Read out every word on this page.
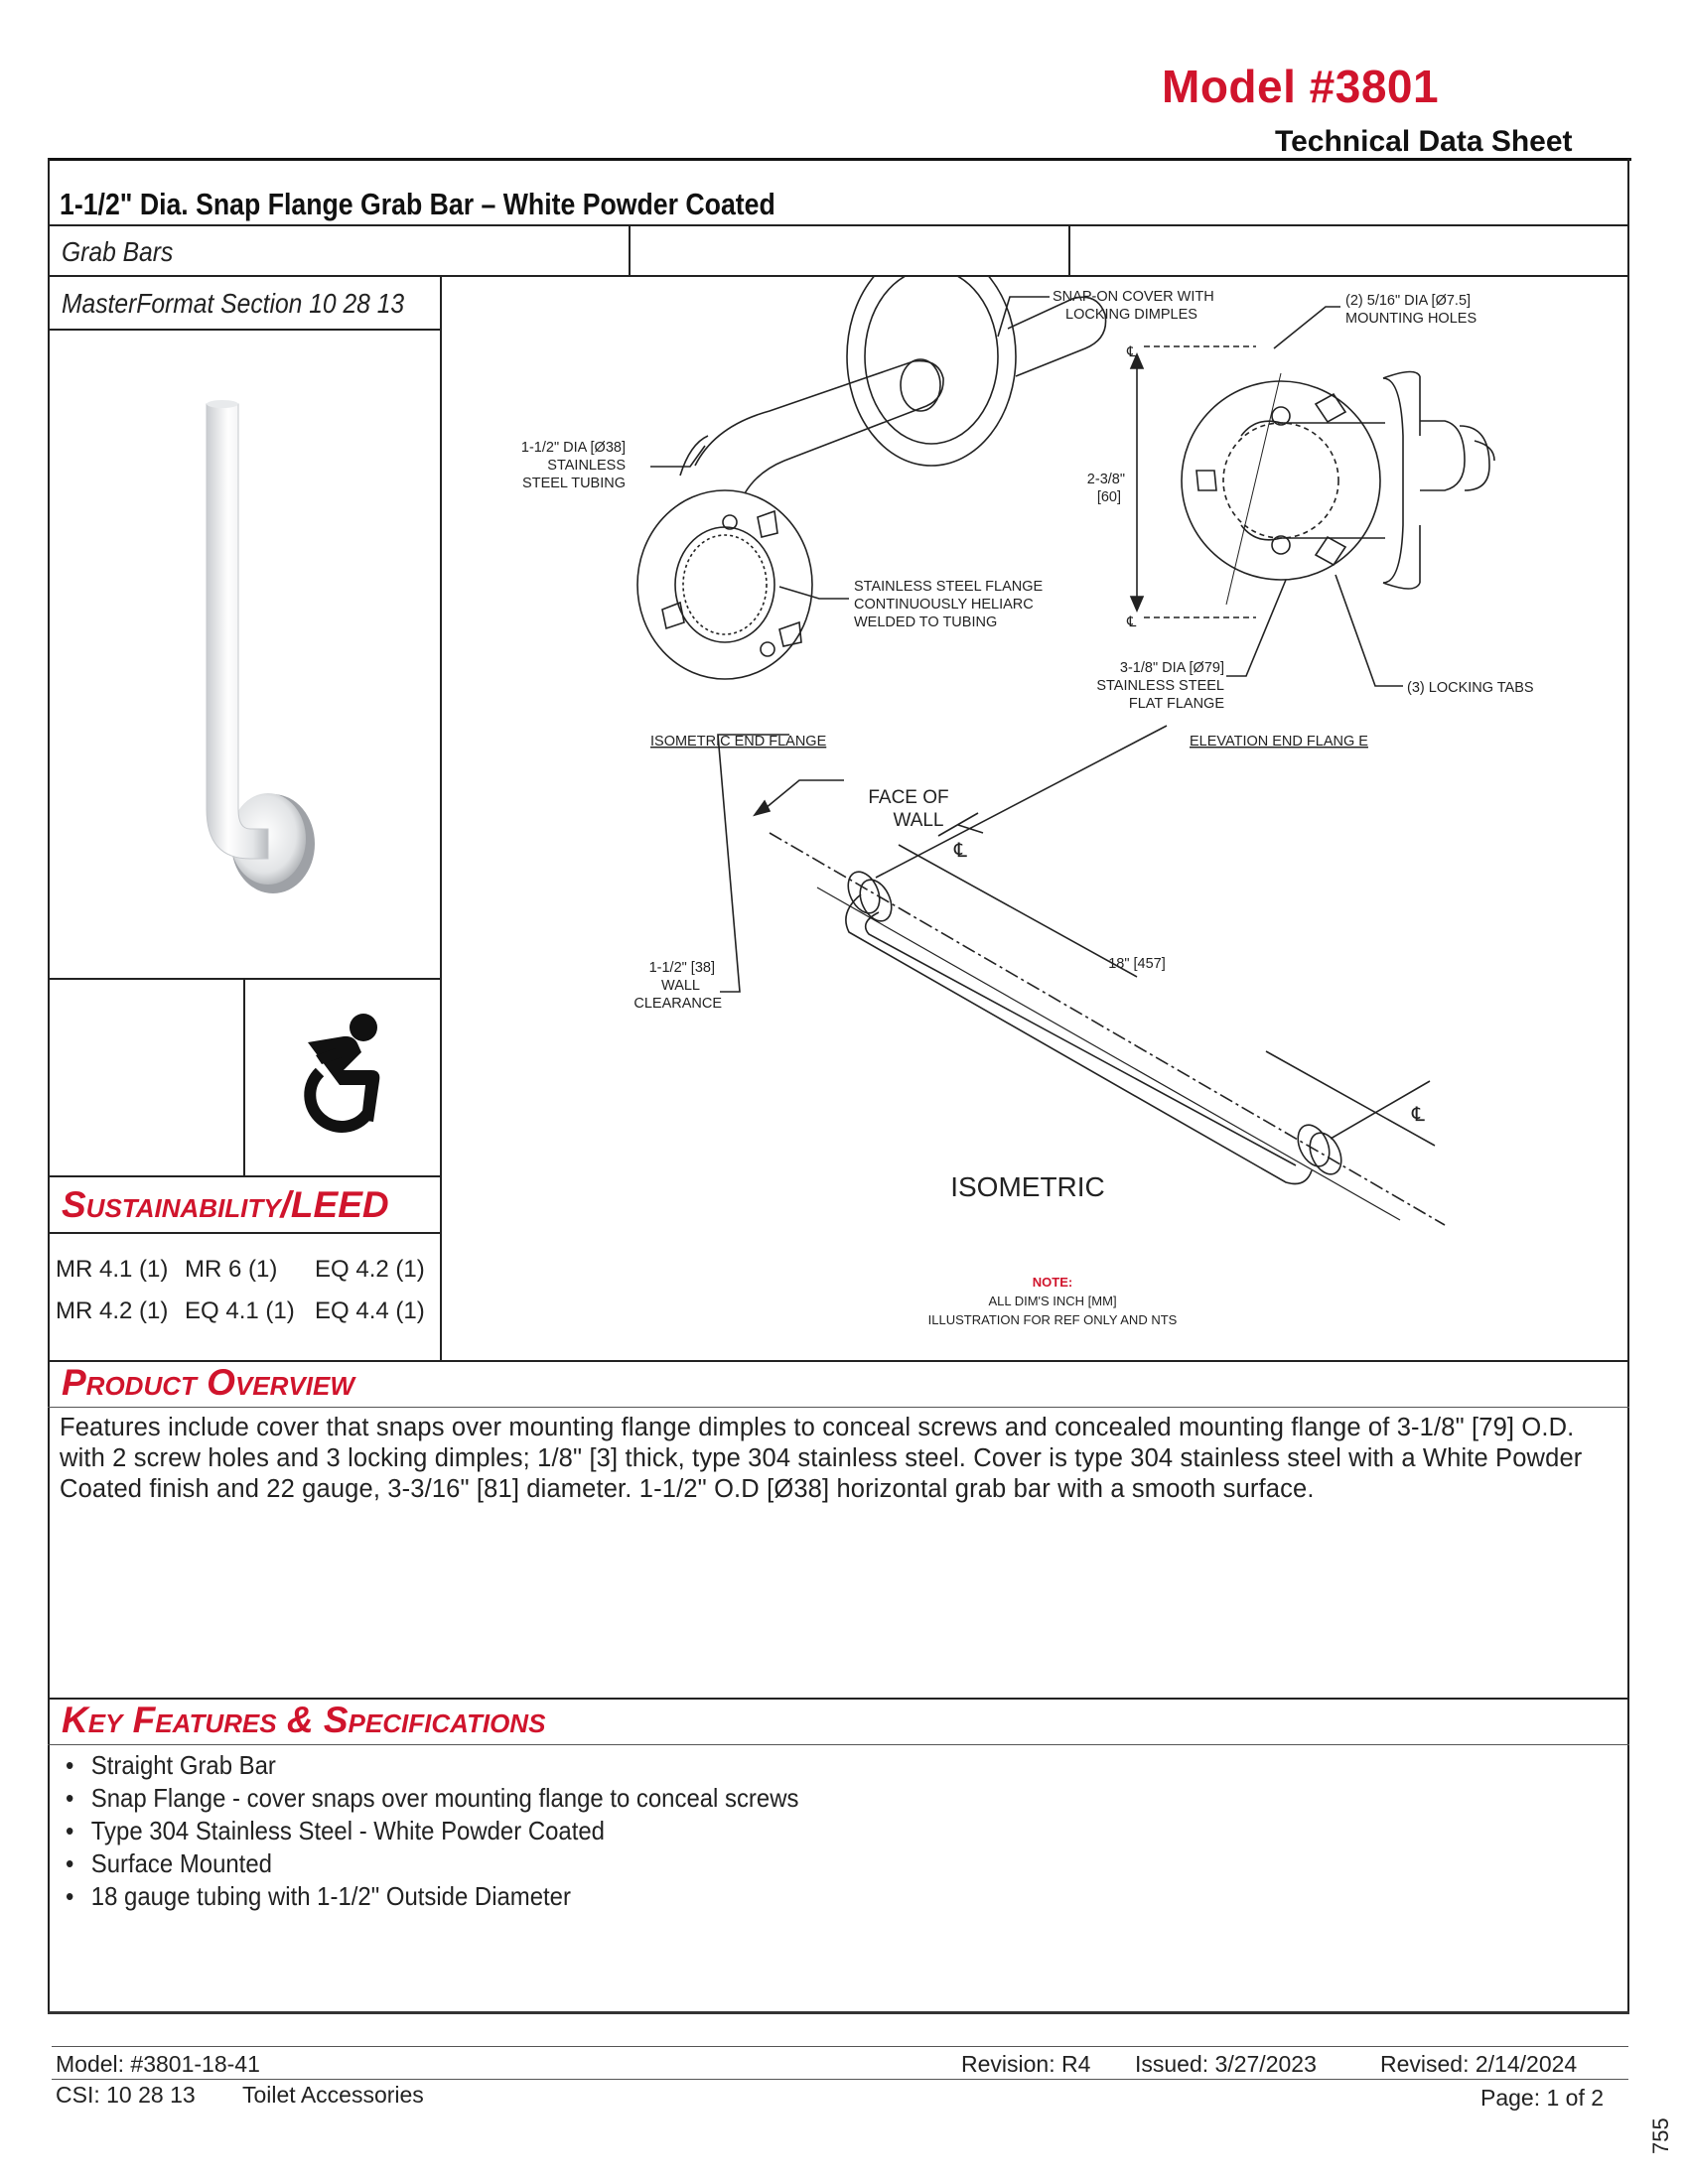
Model #3801
Technical Data Sheet
1-1/2" Dia. Snap Flange Grab Bar – White Powder Coated
Grab Bars
MasterFormat Section 10 28 13
Sustainability/LEED
MR 4.1 (1) MR 6 (1) EQ 4.2 (1)
MR 4.2 (1) EQ 4.1 (1) EQ 4.4 (1)
1-1/2" DIA [Ø38]
STAINLESS
STEEL TUBING
SNAP-ON COVER WITH
LOCKING DIMPLES
STAINLESS STEEL FLANGE
CONTINUOUSLY HELIARC
WELDED TO TUBING
ISOMETRIC END FLANGE
(2) 5/16" DIA [Ø7.5]
MOUNTING HOLES
℄
℄
2-3/8"
[60]
3-1/8" DIA [Ø79]
STAINLESS STEEL
FLAT FLANGE
(3) LOCKING TABS
ELEVATION END FLANG E
FACE OF
WALL
℄
℄
18" [457]
1-1/2" [38]
WALL
CLEARANCE
ISOMETRIC
NOTE:
ALL DIM'S INCH [MM]
ILLUSTRATION FOR REF ONLY AND NTS
Product Overview
Features include cover that snaps over mounting flange dimples to conceal screws and concealed mounting flange of 3-1/8" [79] O.D. with 2 screw holes and 3 locking dimples; 1/8" [3] thick, type 304 stainless steel. Cover is type 304 stainless steel with a White Powder Coated finish and 22 gauge, 3-3/16" [81] diameter. 1-1/2" O.D [Ø38] horizontal grab bar with a smooth surface.
Key Features & Specifications
• Straight Grab Bar
• Snap Flange - cover snaps over mounting flange to conceal screws
• Type 304 Stainless Steel - White Powder Coated
• Surface Mounted
• 18 gauge tubing with 1-1/2" Outside Diameter
Model: #3801-18-41	Revision: R4 Issued: 3/27/2023	Revised: 2/14/2024
CSI: 10 28 13 Toilet Accessories	Page: 1 of 2
755
